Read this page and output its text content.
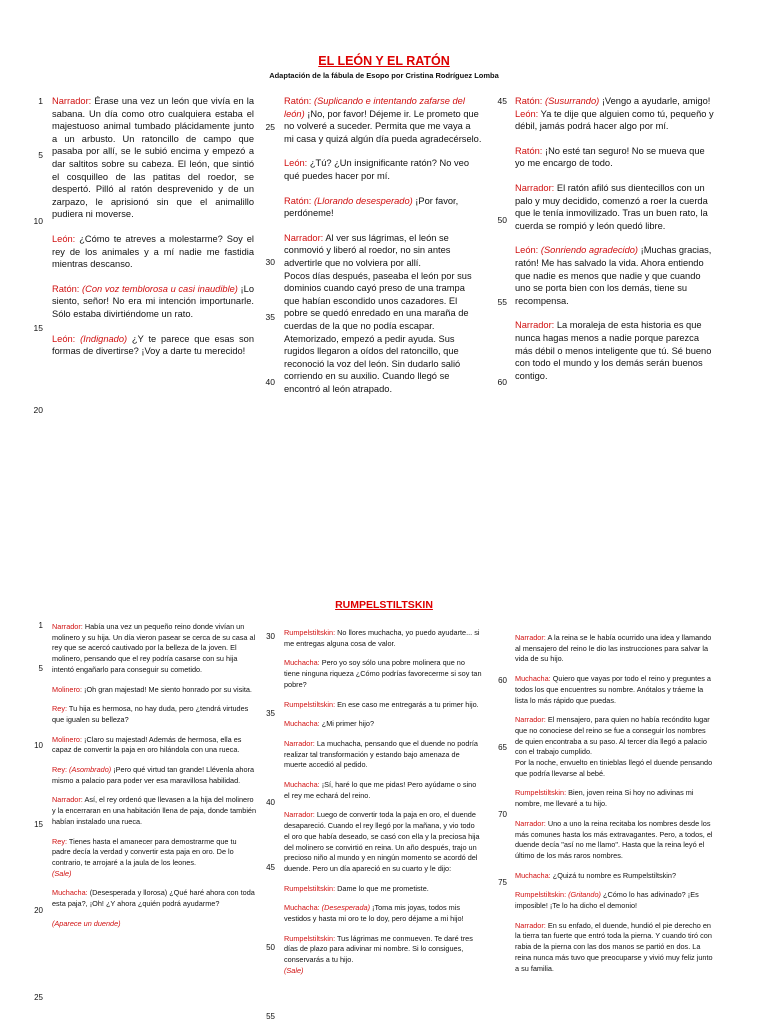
EL LEÓN Y EL RATÓN
Adaptación de la fábula de Esopo por Cristina Rodríguez Lomba

Narrador: Érase una vez un león que vivía en la sabana. Un día como otro cualquiera estaba el majestuoso animal tumbado plácidamente junto a un arbusto. Un ratoncillo de campo que pasaba por allí, se le subió encima y empezó a dar saltitos sobre su cabeza. El león, que sintió el cosquilleo de las patitas del roedor, se despertó. Pilló al ratón desprevenido y de un zarpazo, le aprisionó sin que el animalillo pudiera ni moverse.

León: ¿Cómo te atreves a molestarme? Soy el rey de los animales y a mí nadie me fastidia mientras descanso.

Ratón: (Con voz temblorosa u casi inaudible) ¡Lo siento, señor! No era mi intención importunarle. Sólo estaba divirtiéndome un rato.

León: (Indignado) ¿Y te parece que esas son formas de divertirse? ¡Voy a darte tu merecido!

Ratón: (Suplicando e intentando zafarse del león) ¡No, por favor! Déjeme ir. Le prometo que no volveré a suceder. Permita que me vaya a mi casa y quizá algún día pueda agradecérselo.

León: ¿Tú? ¿Un insignificante ratón? No veo qué puedes hacer por mí.

Ratón: (Llorando desesperado) ¡Por favor, perdóneme!

Narrador: Al ver sus lágrimas, el león se conmovió y liberó al roedor, no sin antes advertirle que no volviera por allí.
Pocos días después, paseaba el león por sus dominios cuando cayó preso de una trampa que habían escondido unos cazadores. El pobre se quedó enredado en una maraña de cuerdas de la que no podía escapar. Atemorizado, empezó a pedir ayuda. Sus rugidos llegaron a oídos del ratoncillo, que reconoció la voz del león. Sin dudarlo salió corriendo en su auxilio. Cuando llegó se encontró al león atrapado.

Ratón: (Susurrando) ¡Vengo a ayudarle, amigo!

León: Ya te dije que alguien como tú, pequeño y débil, jamás podrá hacer algo por mí.

Ratón: ¡No esté tan seguro! No se mueva que yo me encargo de todo.

Narrador: El ratón afiló sus dientecillos con un palo y muy decidido, comenzó a roer la cuerda que le tenía inmovilizado. Tras un buen rato, la cuerda se rompió y león quedó libre.

León: (Sonriendo agradecido) ¡Muchas gracias, ratón! Me has salvado la vida. Ahora entiendo que nadie es menos que nadie y que cuando uno se porta bien con los demás, tiene su recompensa.

Narrador: La moraleja de esta historia es que nunca hagas menos a nadie porque parezca más débil o menos inteligente que tú. Sé bueno con todo el mundo y los demás serán buenos contigo.

1
5
10
15
20
25
30
35
40
45
50
55
60
RUMPELSTILTSKIN

Narrador: Había una vez un pequeño reino donde vivían un molinero y su hija. Un día vieron pasear se cerca de su casa al rey que se acercó cautivado por la belleza de la joven. El molinero, pensando que el rey podría casarse con su hija intentó engañarlo para conseguir su cometido.

Molinero: ¡Oh gran majestad! Me siento honrado por su visita.

Rey: Tu hija es hermosa, no hay duda, pero ¿tendrá virtudes que igualen su belleza?

Molinero: ¡Claro su majestad! Además de hermosa, ella es capaz de convertir la paja en oro hilándola con una rueca.

Rey: (Asombrado) ¡Pero qué virtud tan grande! Llévenla ahora mismo a palacio para poder ver esa maravillosa habilidad.

Narrador: Así, el rey ordenó que llevasen a la hija del molinero y la encerraran en una habitación llena de paja, donde también habían instalado una rueca.

Rey: Tienes hasta el amanecer para demostrarme que tu padre decía la verdad y convertir esta paja en oro. De lo contrario, te arrojaré a la jaula de los leones.
(Sale)

Muchacha: (Desesperada y llorosa) ¿Qué haré ahora con toda esta paja?, ¡Oh! ¿Y ahora ¿quién podrá ayudarme?

(Aparece un duende)

Rumpelstiltskin: No llores muchacha, yo puedo ayudarte... si me entregas alguna cosa de valor.

Muchacha: Pero yo soy sólo una pobre molinera que no tiene ninguna riqueza ¿Cómo podrías favorecerme si soy tan pobre?

Rumpelstiltskin: En ese caso me entregarás a tu primer hijo.

Muchacha: ¿Mi primer hijo?

Narrador: La muchacha, pensando que el duende no podría realizar tal transformación y estando bajo amenaza de muerte accedió al pedido.

Muchacha: ¡Sí, haré lo que me pidas! Pero ayúdame o sino el rey me echará del reino.

Narrador: Luego de convertir toda la paja en oro, el duende desapareció. Cuando el rey llegó por la mañana, y vio todo el oro que había deseado, se casó con ella y la preciosa hija del molinero se convirtió en reina. Un año después, trajo un precioso niño al mundo y en ningún momento se acordó del duende. Pero un día apareció en su cuarto y le dijo:

Rumpelstiltskin: Dame lo que me prometiste.

Muchacha: (Desesperada) ¡Toma mis joyas, todos mis vestidos y hasta mi oro te lo doy, pero déjame a mi hijo!

Rumpelstiltskin: Tus lágrimas me conmueven. Te daré tres días de plazo para adivinar mi nombre. Si lo consigues, conservarás a tu hijo.
(Sale)

Narrador: A la reina se le había ocurrido una idea y llamando al mensajero del reino le dio las instrucciones para salvar la vida de su hijo.

Muchacha: Quiero que vayas por todo el reino y preguntes a todos los que encuentres su nombre. Anótalos y tráeme la lista lo más rápido que puedas.

Narrador: El mensajero, para quien no había recóndito lugar que no conociese del reino se fue a conseguir los nombres de quien encontraba a su paso. Al tercer día llegó a palacio con el trabajo cumplido.
Por la noche, envuelto en tinieblas llegó el duende pensando que podría llevarse al bebé.

Rumpelstiltskin: Bien, joven reina Si hoy no adivinas mi nombre, me llevaré a tu hijo.

Narrador: Uno a uno la reina recitaba los nombres desde los más comunes hasta los más extravagantes. Pero, a todos, el duende decía "así no me llamo". Hasta que la reina leyó el último de los más raros nombres.

Muchacha: ¿Quizá tu nombre es Rumpelstiltskin?

Rumpelstiltskin: (Gritando) ¿Cómo lo has adivinado? ¡Es imposible! ¡Te lo ha dicho el demonio!

Narrador: En su enfado, el duende, hundió el pie derecho en la tierra tan fuerte que entró toda la pierna. Y cuando tiró con rabia de la pierna con las dos manos se partió en dos. La reina nunca más tuvo que preocuparse y vivió muy feliz junto a su familia.

1
5
10
15
20
25
30
35
40
45
50
55
60
65
70
75
